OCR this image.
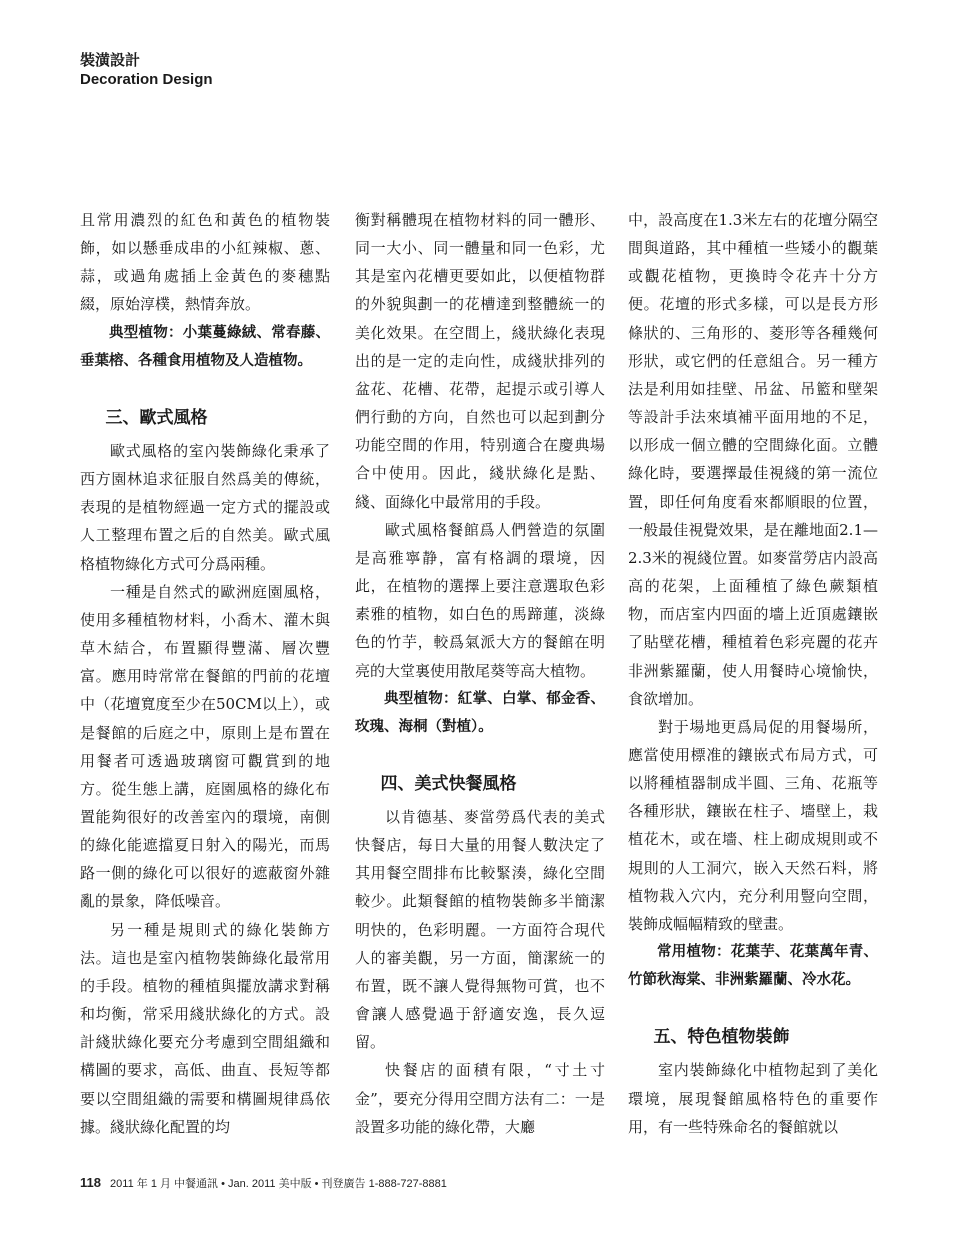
裝潢設計
Decoration Design

且常用濃烈的紅色和黃色的植物裝飾，如以懸垂成串的小紅辣椒、蔥、蒜，或過角處插上金黃色的麥穗點綴，原始淳樸，熱情奔放。

典型植物：小葉蔓綠絨、常春藤、垂葉榕、各種食用植物及人造植物。

三、歐式風格

歐式風格的室內裝飾綠化秉承了西方園林追求征服自然爲美的傳統，表現的是植物經過一定方式的擺設或人工整理布置之后的自然美。歐式風格植物綠化方式可分爲兩種。

一種是自然式的歐洲庭園風格，使用多種植物材料，小喬木、灌木與草木結合，布置顯得豐滿、層次豐富。應用時常常在餐館的門前的花壇中（花壇寬度至少在50CM以上），或是餐館的后庭之中，原則上是布置在用餐者可透過玻璃窗可觀賞到的地方。從生態上講，庭園風格的綠化布置能夠很好的改善室內的環境，南側的綠化能遮擋夏日射入的陽光，而馬路一側的綠化可以很好的遮蔽窗外雜亂的景象，降低噪音。

另一種是規則式的綠化裝飾方法。這也是室內植物裝飾綠化最常用的手段。植物的種植與擺放講求對稱和均衡，常采用綫狀綠化的方式。設計綫狀綠化要充分考慮到空間組織和構圖的要求，高低、曲直、長短等都要以空間組織的需要和構圖規律爲依據。綫狀綠化配置的均

衡對稱體現在植物材料的同一體形、同一大小、同一體量和同一色彩，尤其是室內花槽更要如此，以便植物群的外貌與劃一的花槽達到整體統一的美化效果。在空間上，綫狀綠化表現出的是一定的走向性，成綫狀排列的盆花、花槽、花帶，起提示或引導人們行動的方向，自然也可以起到劃分功能空間的作用，特别適合在慶典場合中使用。因此，綫狀綠化是點、綫、面綠化中最常用的手段。

歐式風格餐館爲人們營造的氛圍是高雅寧静，富有格調的環境，因此，在植物的選擇上要注意選取色彩素雅的植物，如白色的馬蹄蓮，淡綠色的竹芋，較爲氣派大方的餐館在明亮的大堂裏使用散尾葵等高大植物。

典型植物：紅掌、白掌、郁金香、玫瑰、海桐（對植）。

四、美式快餐風格

以肯德基、麥當勞爲代表的美式快餐店，每日大量的用餐人數決定了其用餐空間排布比較緊湊，綠化空間較少。此類餐館的植物裝飾多半簡潔明快的，色彩明麗。一方面符合現代人的審美觀，另一方面，簡潔統一的布置，既不讓人覺得無物可賞，也不會讓人感覺過于舒適安逸，長久逗留。

快餐店的面積有限，“寸土寸金”，要充分得用空間方法有二：一是設置多功能的綠化帶，大廳

中，設高度在1.3米左右的花壇分隔空間與道路，其中種植一些矮小的觀葉或觀花植物，更換時令花卉十分方便。花壇的形式多樣，可以是長方形條狀的、三角形的、菱形等各種幾何形狀，或它們的任意組合。另一種方法是利用如挂壁、吊盆、吊籃和壁架等設計手法來填補平面用地的不足，以形成一個立體的空間綠化面。立體綠化時，要選擇最佳視綫的第一流位置，即任何角度看來都順眼的位置，一般最佳視覺效果，是在離地面2.1—2.3米的視綫位置。如麥當勞店内設高高的花架，上面種植了綠色蕨類植物，而店室内四面的墻上近頂處鑲嵌了貼壁花槽，種植着色彩亮麗的花卉非洲紫羅蘭，使人用餐時心境愉快，食欲增加。

對于場地更爲局促的用餐場所，應當使用標准的鑲嵌式布局方式，可以將種植器制成半圓、三角、花瓶等各種形狀，鑲嵌在柱子、墻壁上，栽植花木，或在墻、柱上砌成規則或不規則的人工洞穴，嵌入天然石料，將植物栽入穴内，充分利用豎向空間，裝飾成幅幅精致的壁畫。

常用植物：花葉芋、花葉萬年青、竹節秋海棠、非洲紫羅蘭、冷水花。

五、特色植物裝飾

室内裝飾綠化中植物起到了美化環境，展現餐館風格特色的重要作用，有一些特殊命名的餐館就以

118 2011 年 1 月 中餐通訊 • Jan. 2011 美中版 • 刊登廣告 1-888-727-8881
